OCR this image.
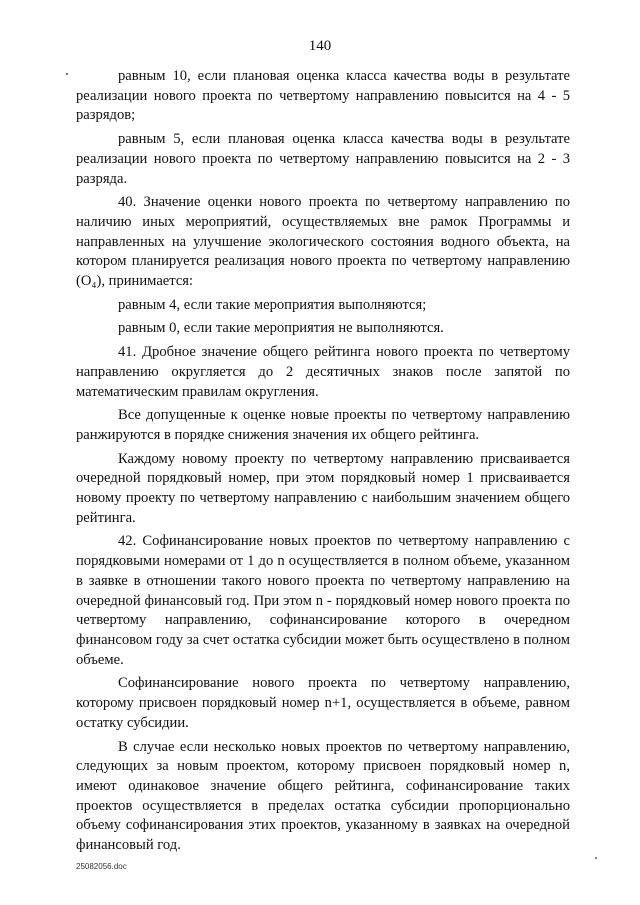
140

равным 10, если плановая оценка класса качества воды в результате реализации нового проекта по четвертому направлению повысится на 4 - 5 разрядов;

равным 5, если плановая оценка класса качества воды в результате реализации нового проекта по четвертому направлению повысится на 2 - 3 разряда.

40. Значение оценки нового проекта по четвертому направлению по наличию иных мероприятий, осуществляемых вне рамок Программы и направленных на улучшение экологического состояния водного объекта, на котором планируется реализация нового проекта по четвертому направлению (О₄), принимается:

равным 4, если такие мероприятия выполняются;

равным 0, если такие мероприятия не выполняются.

41. Дробное значение общего рейтинга нового проекта по четвертому направлению округляется до 2 десятичных знаков после запятой по математическим правилам округления.

Все допущенные к оценке новые проекты по четвертому направлению ранжируются в порядке снижения значения их общего рейтинга.

Каждому новому проекту по четвертому направлению присваивается очередной порядковый номер, при этом порядковый номер 1 присваивается новому проекту по четвертому направлению с наибольшим значением общего рейтинга.

42. Софинансирование новых проектов по четвертому направлению с порядковыми номерами от 1 до n осуществляется в полном объеме, указанном в заявке в отношении такого нового проекта по четвертому направлению на очередной финансовый год. При этом n - порядковый номер нового проекта по четвертому направлению, софинансирование которого в очередном финансовом году за счет остатка субсидии может быть осуществлено в полном объеме.

Софинансирование нового проекта по четвертому направлению, которому присвоен порядковый номер n+1, осуществляется в объеме, равном остатку субсидии.

В случае если несколько новых проектов по четвертому направлению, следующих за новым проектом, которому присвоен порядковый номер n, имеют одинаковое значение общего рейтинга, софинансирование таких проектов осуществляется в пределах остатка субсидии пропорционально объему софинансирования этих проектов, указанному в заявках на очередной финансовый год.

25082056.doc
